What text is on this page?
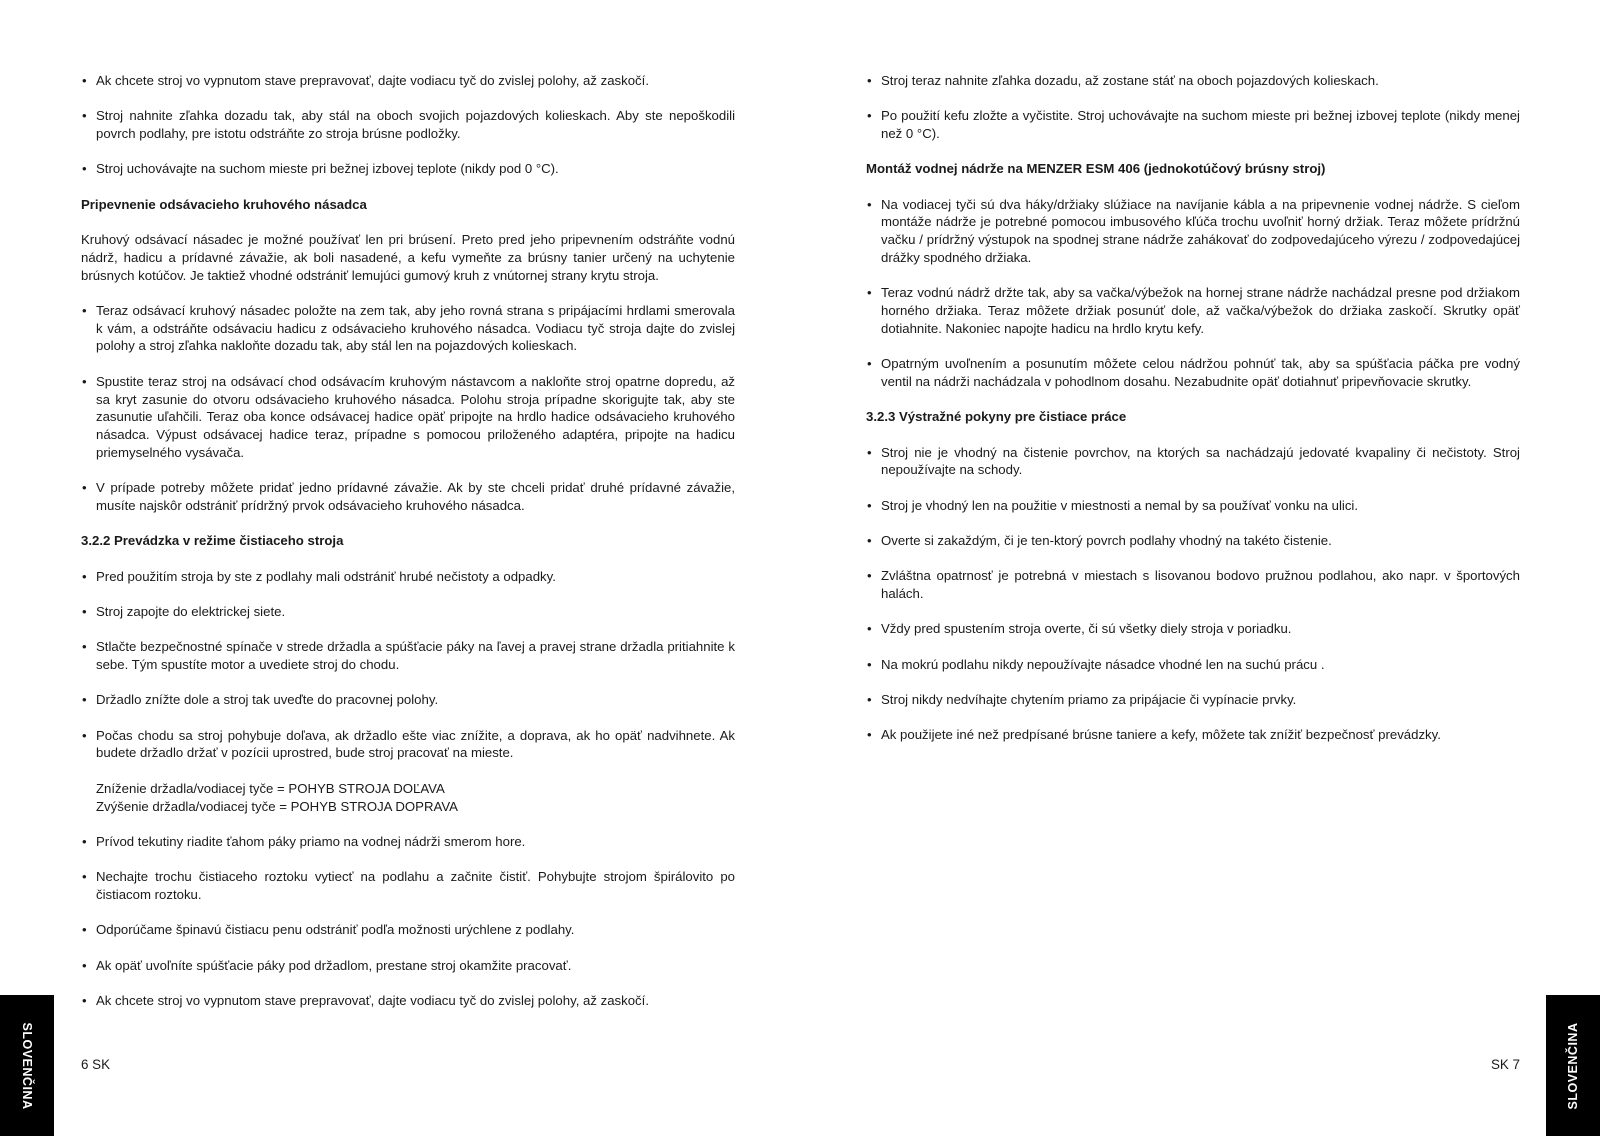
• Ak chcete stroj vo vypnutom stave prepravovať, dajte vodiacu tyč do zvislej polohy, až zaskočí.
• Stroj nahnite zľahka dozadu tak, aby stál na oboch svojich pojazdových kolieskach. Aby ste nepoškodili povrch podlahy, pre istotu odstráňte zo stroja brúsne podložky.
• Stroj uchovávajte na suchom mieste pri bežnej izbovej teplote (nikdy pod 0 °C).
Pripevnenie odsávacieho kruhového násadca
Kruhový odsávací násadec je možné používať len pri brúsení. Preto pred jeho pripevnením odstráňte vodnú nádrž, hadicu a prídavné závažie, ak boli nasadené, a kefu vymeňte za brúsny tanier určený na uchytenie brúsnych kotúčov. Je taktiež vhodné odstrániť lemujúci gumový kruh z vnútornej strany krytu stroja.
• Teraz odsávací kruhový násadec položte na zem tak, aby jeho rovná strana s pripájacími hrdlami smerovala k vám, a odstráňte odsávaciu hadicu z odsávacieho kruhového násadca. Vodiacu tyč stroja dajte do zvislej polohy a stroj zľahka nakloňte dozadu tak, aby stál len na pojazdových kolieskach.
• Spustite teraz stroj na odsávací chod odsávacím kruhovým nástavcom a nakloňte stroj opatrne dopredu, až sa kryt zasunie do otvoru odsávacieho kruhového násadca. Polohu stroja prípadne skorigujte tak, aby ste zasunutie uľahčili. Teraz oba konce odsávacej hadice opäť pripojte na hrdlo hadice odsávacieho kruhového násadca. Výpust odsávacej hadice teraz, prípadne s pomocou priloženého adaptéra, pripojte na hadicu priemyselného vysávača.
• V prípade potreby môžete pridať jedno prídavné závažie. Ak by ste chceli pridať druhé prídavné závažie, musíte najskôr odstrániť prídržný prvok odsávacieho kruhového násadca.
3.2.2 Prevádzka v režime čistiaceho stroja
• Pred použitím stroja by ste z podlahy mali odstrániť hrubé nečistoty a odpadky.
• Stroj zapojte do elektrickej siete.
• Stlačte bezpečnostné spínače v strede držadla a spúšťacie páky na ľavej a pravej strane držadla pritiahnite k sebe. Tým spustíte motor a uvediete stroj do chodu.
• Držadlo znížte dole a stroj tak uveďte do pracovnej polohy.
• Počas chodu sa stroj pohybuje doľava, ak držadlo ešte viac znížite, a doprava, ak ho opäť nadvihnete. Ak budete držadlo držať v pozícii uprostred, bude stroj pracovať na mieste.
Zníženie držadla/vodiacej tyče = POHYB STROJA DOĽAVA
Zvýšenie držadla/vodiacej tyče = POHYB STROJA DOPRAVA
• Prívod tekutiny riadite ťahom páky priamo na vodnej nádrži smerom hore.
• Nechajte trochu čistiaceho roztoku vytiecť na podlahu a začnite čistiť. Pohybujte strojom špirálovito po čistiacom roztoku.
• Odporúčame špinavú čistiacu penu odstrániť podľa možnosti urýchlene z podlahy.
• Ak opäť uvoľníte spúšťacie páky pod držadlom, prestane stroj okamžite pracovať.
• Ak chcete stroj vo vypnutom stave prepravovať, dajte vodiacu tyč do zvislej polohy, až zaskočí.
• Stroj teraz nahnite zľahka dozadu, až zostane stáť na oboch pojazdových kolieskach.
• Po použití kefu zložte a vyčistite. Stroj uchovávajte na suchom mieste pri bežnej izbovej teplote (nikdy menej než 0 °C).
Montáž vodnej nádrže na MENZER ESM 406 (jednokotúčový brúsny stroj)
• Na vodiacej tyči sú dva háky/držiaky slúžiace na navíjanie kábla a na pripevnenie vodnej nádrže. S cieľom montáže nádrže je potrebné pomocou imbusového kľúča trochu uvoľniť horný držiak. Teraz môžete prídržnú vačku / prídržný výstupok na spodnej strane nádrže zahákovať do zodpovedajúceho výrezu / zodpovedajúcej drážky spodného držiaka.
• Teraz vodnú nádrž držte tak, aby sa vačka/výbežok na hornej strane nádrže nachádzal presne pod držiakom horného držiaka. Teraz môžete držiak posunúť dole, až vačka/výbežok do držiaka zaskočí. Skrutky opäť dotiahnite. Nakoniec napojte hadicu na hrdlo krytu kefy.
• Opatrným uvoľnením a posunutím môžete celou nádržou pohnúť tak, aby sa spúšťacia páčka pre vodný ventil na nádrži nachádzala v pohodlnom dosahu. Nezabudnite opäť dotiahnuť pripevňovacie skrutky.
3.2.3 Výstražné pokyny pre čistiace práce
• Stroj nie je vhodný na čistenie povrchov, na ktorých sa nachádzajú jedovaté kvapaliny či nečistoty. Stroj nepoužívajte na schody.
• Stroj je vhodný len na použitie v miestnosti a nemal by sa používať vonku na ulici.
• Overte si zakaždým, či je ten-ktorý povrch podlahy vhodný na takéto čistenie.
• Zvláštna opatrnosť je potrebná v miestach s lisovanou bodovo pružnou podlahou, ako napr. v športových halách.
• Vždy pred spustením stroja overte, či sú všetky diely stroja v poriadku.
• Na mokrú podlahu nikdy nepoužívajte násadce vhodné len na suchú prácu .
• Stroj nikdy nedvíhajte chytením priamo za pripájacie či vypínacie prvky.
• Ak použijete iné než predpísané brúsne taniere a kefy, môžete tak znížiť bezpečnosť prevádzky.
6 SK	SK 7
SLOVENČINA	SLOVENČINA
